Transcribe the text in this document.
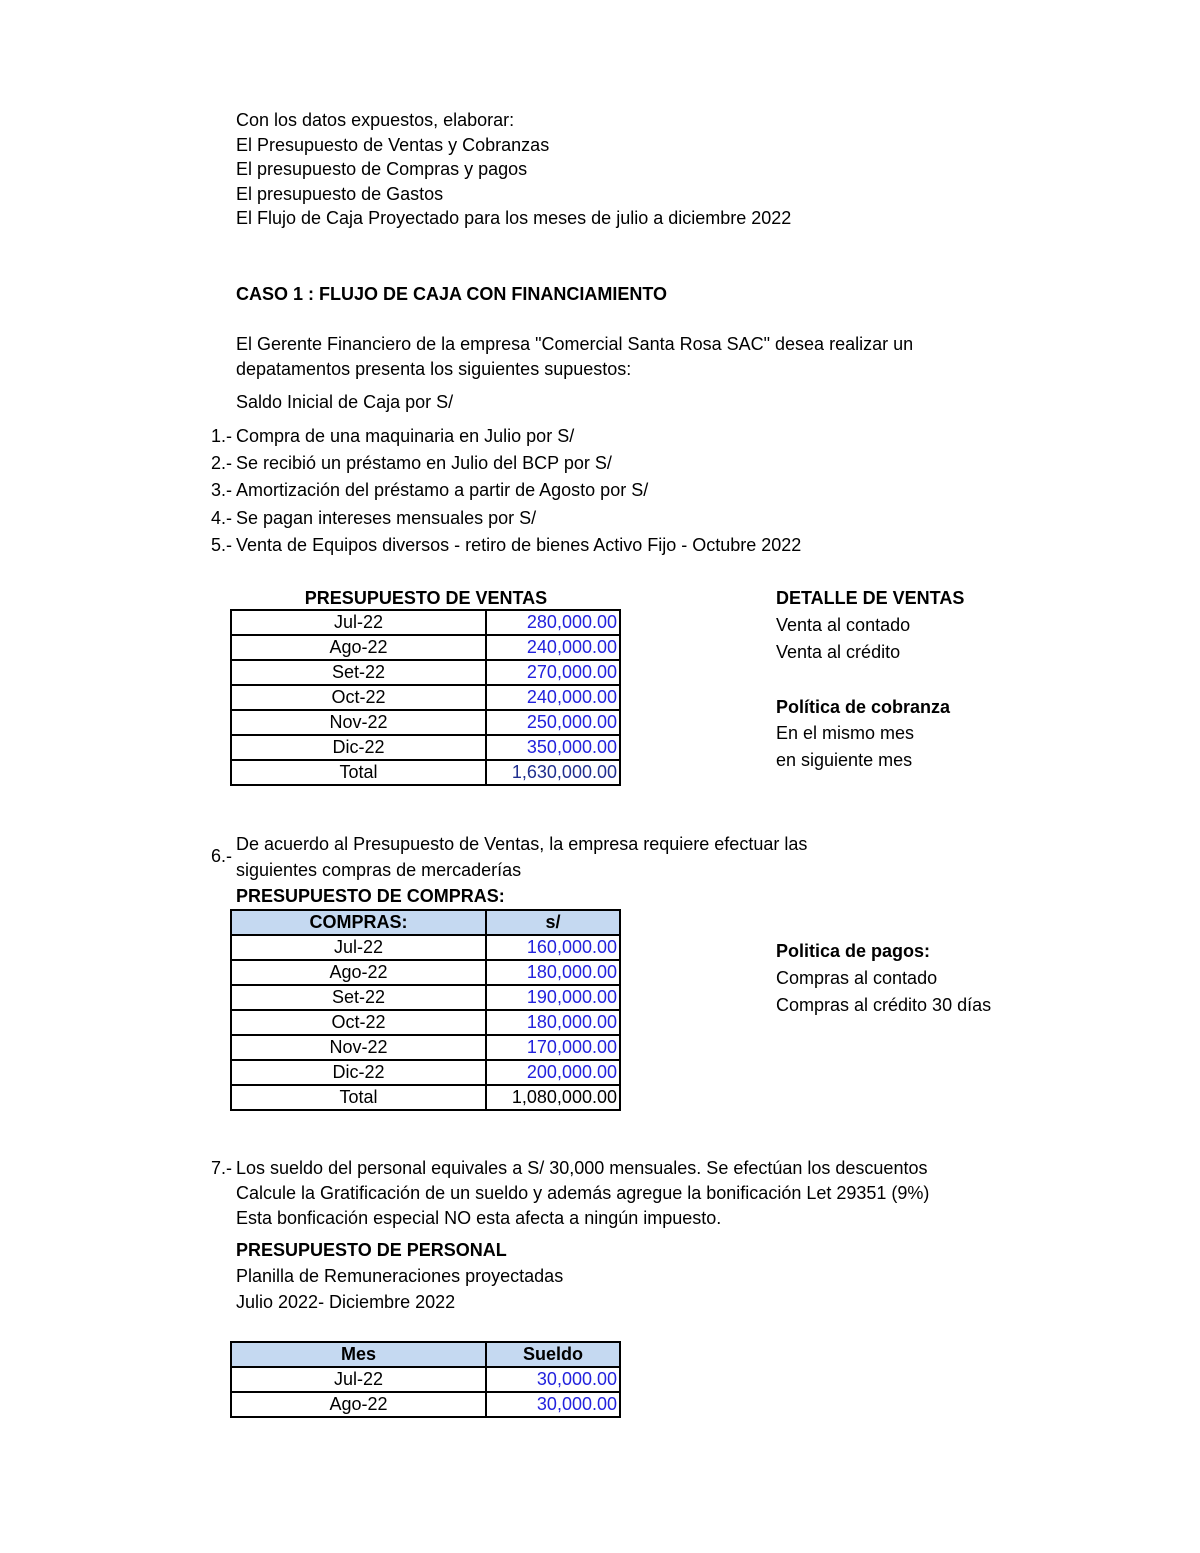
Con los datos expuestos, elaborar:
El Presupuesto de Ventas y Cobranzas
El presupuesto de Compras y pagos
El presupuesto de Gastos
El Flujo de Caja Proyectado para los meses de julio a diciembre 2022
CASO 1 : FLUJO DE CAJA CON FINANCIAMIENTO
El Gerente Financiero de la empresa "Comercial Santa Rosa SAC" desea realizar un
depatamentos presenta los siguientes supuestos:
Saldo Inicial de Caja por S/
1.- Compra de una maquinaria en Julio por S/
2.- Se recibió un préstamo en Julio del BCP por S/
3.- Amortización del préstamo a partir de Agosto por S/
4.- Se pagan intereses mensuales por S/
5.- Venta de Equipos diversos - retiro de bienes Activo Fijo - Octubre 2022
PRESUPUESTO DE VENTAS
Jul-22	280,000.00
Ago-22	240,000.00
Set-22	270,000.00
Oct-22	240,000.00
Nov-22	250,000.00
Dic-22	350,000.00
Total	1,630,000.00
DETALLE DE VENTAS
Venta al contado
Venta al crédito
Política de cobranza
En el mismo mes
en siguiente mes
6.-
De acuerdo al Presupuesto de Ventas, la empresa requiere efectuar las
siguientes compras de mercaderías
PRESUPUESTO DE COMPRAS:
COMPRAS:	s/
Jul-22	160,000.00
Ago-22	180,000.00
Set-22	190,000.00
Oct-22	180,000.00
Nov-22	170,000.00
Dic-22	200,000.00
Total	1,080,000.00
Politica de pagos:
Compras al contado
Compras al crédito 30 días
7.- Los sueldo del personal equivales a S/ 30,000 mensuales. Se efectúan los descuentos
Calcule la Gratificación de un sueldo y además agregue la bonificación Let 29351 (9%)
Esta bonficación especial NO esta afecta a ningún impuesto.
PRESUPUESTO DE PERSONAL
Planilla de Remuneraciones proyectadas
Julio 2022- Diciembre 2022
Mes	Sueldo
Jul-22	30,000.00
Ago-22	30,000.00
